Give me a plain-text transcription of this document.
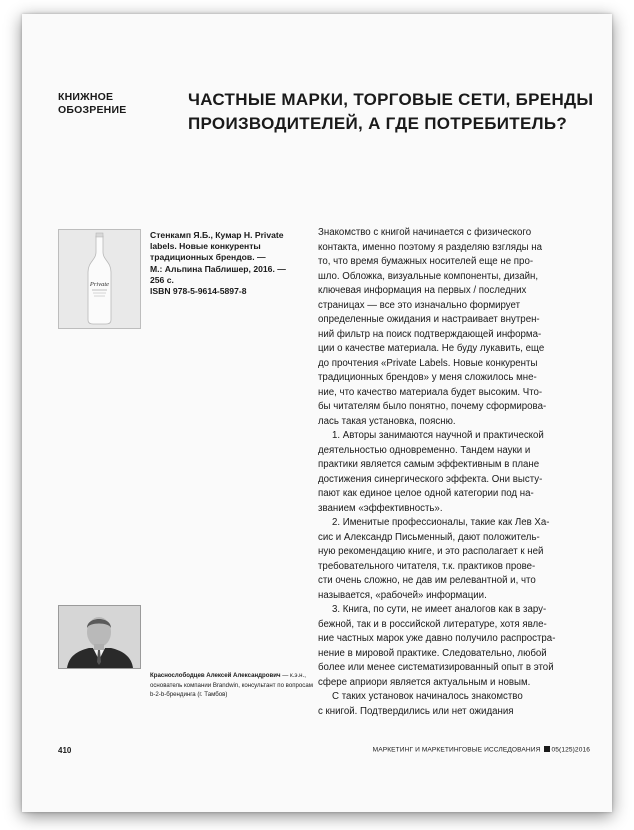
КНИЖНОЕ
ОБОЗРЕНИЕ
ЧАСТНЫЕ МАРКИ, ТОРГОВЫЕ СЕТИ, БРЕНДЫ
ПРОИЗВОДИТЕЛЕЙ, А ГДЕ ПОТРЕБИТЕЛЬ?
Private
Стенкамп Я.Б., Кумар Н. Private
labels. Новые конкуренты
традиционных брендов. —
М.: Альпина Паблишер, 2016. —
256 с.
ISBN 978-5-9614-5897-8
Знакомство с книгой начинается с физического
контакта, именно поэтому я разделяю взгляды на
то, что время бумажных носителей еще не про-
шло. Обложка, визуальные компоненты, дизайн,
ключевая информация на первых / последних
страницах — все это изначально формирует
определенные ожидания и настраивает внутрен-
ний фильтр на поиск подтверждающей информа-
ции о качестве материала. Не буду лукавить, еще
до прочтения «Private Labels. Новые конкуренты
традиционных брендов» у меня сложилось мне-
ние, что качество материала будет высоким. Что-
бы читателям было понятно, почему сформирова-
лась такая установка, поясню.
1. Авторы занимаются научной и практической
деятельностью одновременно. Тандем науки и
практики является самым эффективным в плане
достижения синергического эффекта. Они высту-
пают как единое целое одной категории под на-
званием «эффективность».
2. Именитые профессионалы, такие как Лев Ха-
сис и Александр Письменный, дают положитель-
ную рекомендацию книге, и это располагает к ней
требовательного читателя, т.к. практиков прове-
сти очень сложно, не дав им релевантной и, что
называется, «рабочей» информации.
3. Книга, по сути, не имеет аналогов как в зару-
бежной, так и в российской литературе, хотя явле-
ние частных марок уже давно получило распростра-
нение в мировой практике. Следовательно, любой
более или менее систематизированный опыт в этой
сфере априори является актуальным и новым.
С таких установок начиналось знакомство
с книгой. Подтвердились или нет ожидания
Краснослободцев Алексей Александрович — к.э.н.,
основатель компании Brandwin, консультант по вопросам
b-2-b-брендинга (г. Тамбов)
410	МАРКЕТИНГ И МАРКЕТИНГОВЫЕ ИССЛЕДОВАНИЯ 05(125)2016
